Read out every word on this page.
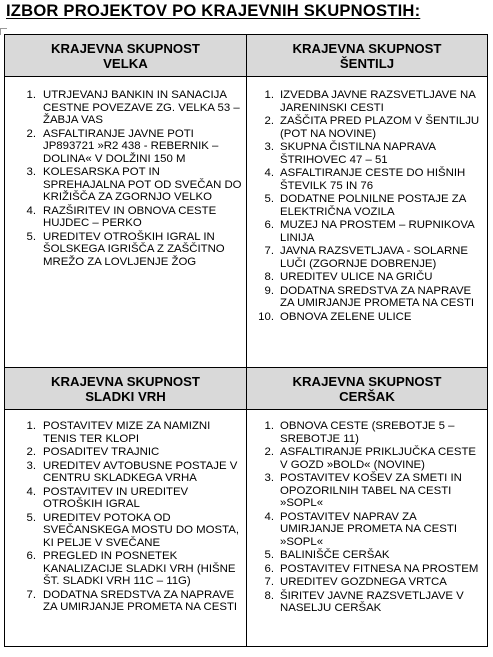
IZBOR PROJEKTOV PO KRAJEVNIH SKUPNOSTIH:
KRAJEVNA SKUPNOST
VELKA
KRAJEVNA SKUPNOST
ŠENTILJ
1. UTRJEVANJ BANKIN IN SANACIJA CESTNE POVEZAVE ZG. VELKA 53 – ŽABJA VAS
2. ASFALTIRANJE JAVNE POTI JP893721 »R2 438 - REBERNIK – DOLINA« V DOLŽINI 150 M
3. KOLESARSKA POT IN SPREHAJALNA POT OD SVEČAN DO KRIŽIŠČA ZA ZGORNJO VELKO
4. RAZŠIRITEV IN OBNOVA CESTE HUJDEC – PERKO
5. UREDITEV OTROŠKIH IGRAL IN ŠOLSKEGA IGRIŠČA Z ZAŠČITNO MREŽO ZA LOVLJENJE ŽOG
1. IZVEDBA JAVNE RAZSVETLJAVE NA JARENINSKI CESTI
2. ZAŠČITA PRED PLAZOM V ŠENTILJU (POT NA NOVINE)
3. SKUPNA ČISTILNA NAPRAVA ŠTRIHOVEC 47 – 51
4. ASFALTIRANJE CESTE DO HIŠNIH ŠTEVILK 75 IN 76
5. DODATNE POLNILNE POSTAJE ZA ELEKTRIČNA VOZILA
6. MUZEJ NA PROSTEM – RUPNIKOVA LINIJA
7. JAVNA RAZSVETLJAVA - SOLARNE LUČI (ZGORNJE DOBRENJE)
8. UREDITEV ULICE NA GRIČU
9. DODATNA SREDSTVA ZA NAPRAVE ZA UMIRJANJE PROMETA NA CESTI
10. OBNOVA ZELENE ULICE
KRAJEVNA SKUPNOST
SLADKI VRH
KRAJEVNA SKUPNOST
CERŠAK
1. POSTAVITEV MIZE ZA NAMIZNI TENIS TER KLOPI
2. POSADITEV TRAJNIC
3. UREDITEV AVTOBUSNE POSTAJE V CENTRU SKLADKEGA VRHA
4. POSTAVITEV IN UREDITEV OTROŠKIH IGRAL
5. UREDITEV POTOKA OD SVEČANSKEGA MOSTU DO MOSTA, KI PELJE V SVEČANE
6. PREGLED IN POSNETEK KANALIZACIJE SLADKI VRH (HIŠNE ŠT. SLADKI VRH 11C – 11G)
7. DODATNA SREDSTVA ZA NAPRAVE ZA UMIRJANJE PROMETA NA CESTI
1. OBNOVA CESTE (SREBOTJE 5 – SREBOTJE 11)
2. ASFALTIRANJE PRIKLJUČKA CESTE V GOZD »BOLD« (NOVINE)
3. POSTAVITEV KOŠEV ZA SMETI IN OPOZORILNIH TABEL NA CESTI »SOPL«
4. POSTAVITEV NAPRAV ZA UMIRJANJE PROMETA NA CESTI »SOPL«
5. BALINIŠČE CERŠAK
6. POSTAVITEV FITNESA NA PROSTEM
7. UREDITEV GOZDNEGA VRTCA
8. ŠIRITEV JAVNE RAZSVETLJAVE V NASELJU CERŠAK
